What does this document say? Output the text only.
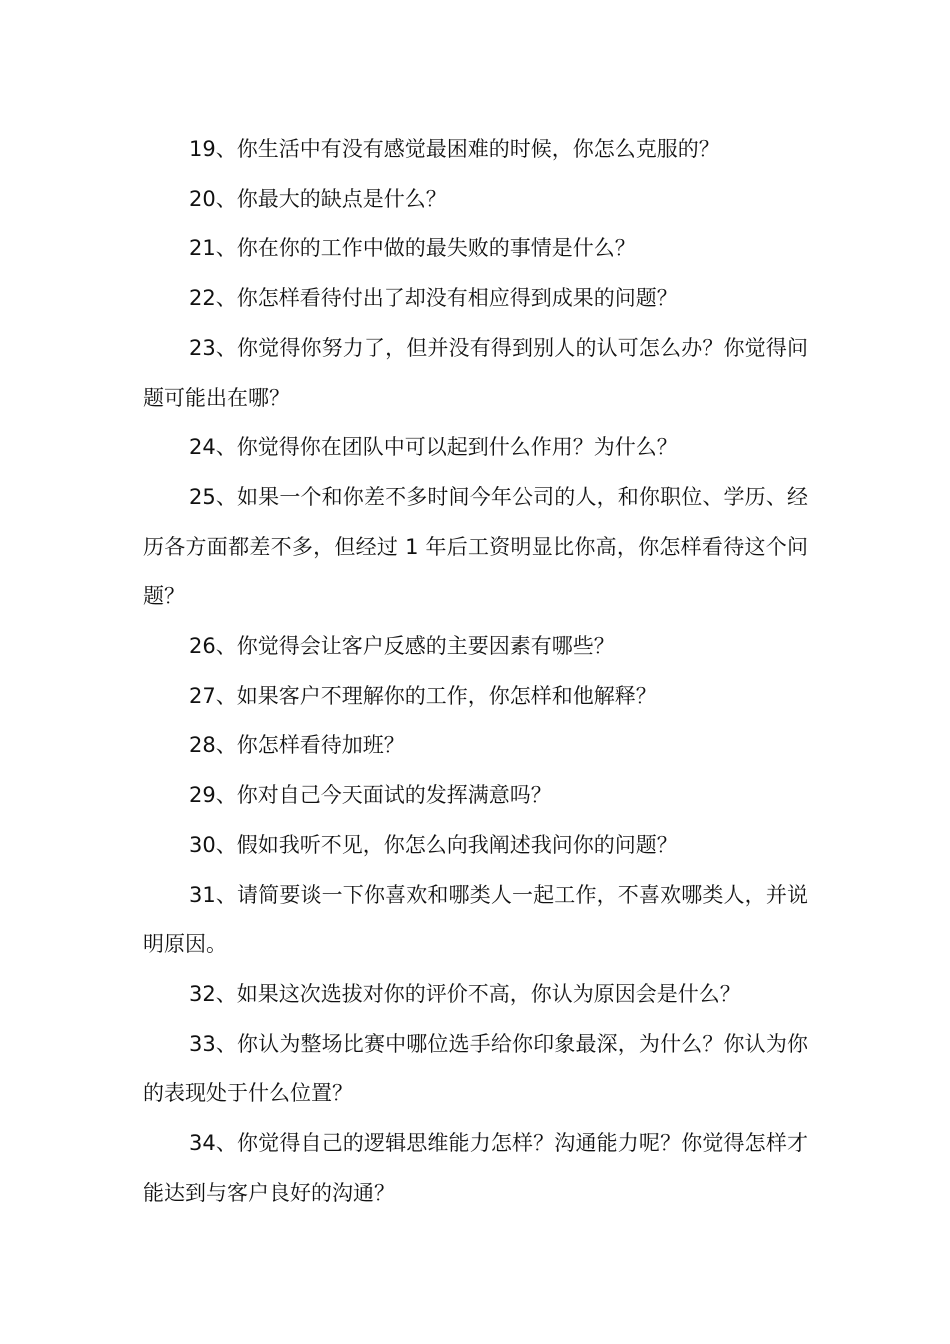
19、你生活中有没有感觉最困难的时候，你怎么克服的？

20、你最大的缺点是什么？

21、你在你的工作中做的最失败的事情是什么？

22、你怎样看待付出了却没有相应得到成果的问题？

23、你觉得你努力了，但并没有得到别人的认可怎么办？你觉得问题可能出在哪？

24、你觉得你在团队中可以起到什么作用？为什么？

25、如果一个和你差不多时间今年公司的人，和你职位、学历、经历各方面都差不多，但经过 1 年后工资明显比你高，你怎样看待这个问题？

26、你觉得会让客户反感的主要因素有哪些？

27、如果客户不理解你的工作，你怎样和他解释？

28、你怎样看待加班？

29、你对自己今天面试的发挥满意吗？

30、假如我听不见，你怎么向我阐述我问你的问题？

31、请简要谈一下你喜欢和哪类人一起工作，不喜欢哪类人，并说明原因。

32、如果这次选拔对你的评价不高，你认为原因会是什么？

33、你认为整场比赛中哪位选手给你印象最深，为什么？你认为你的表现处于什么位置？

34、你觉得自己的逻辑思维能力怎样？沟通能力呢？你觉得怎样才能达到与客户良好的沟通？
